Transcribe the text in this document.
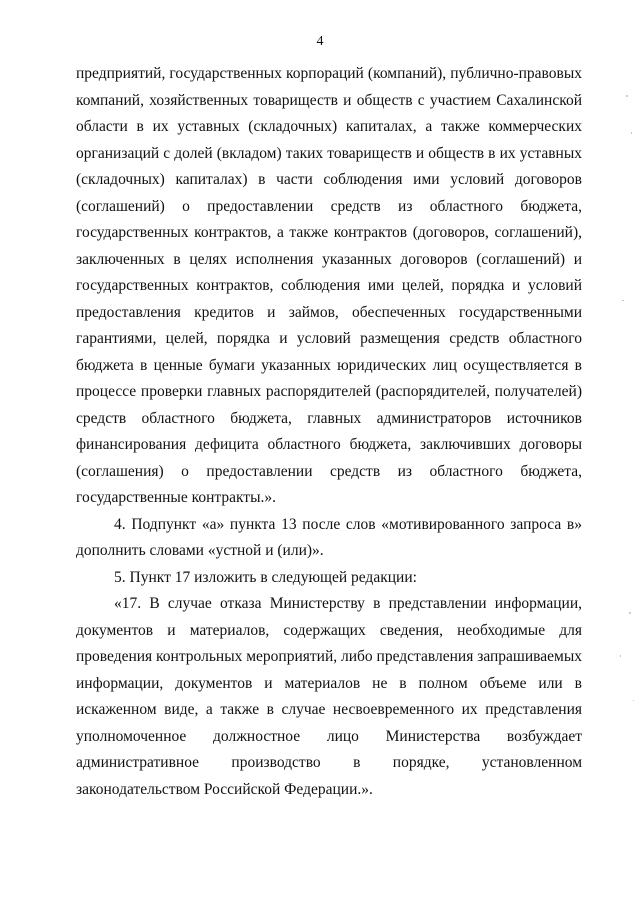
4

предприятий, государственных корпораций (компаний), публично-правовых компаний, хозяйственных товариществ и обществ с участием Сахалинской области в их уставных (складочных) капиталах, а также коммерческих организаций с долей (вкладом) таких товариществ и обществ в их уставных (складочных) капиталах) в части соблюдения ими условий договоров (соглашений) о предоставлении средств из областного бюджета, государственных контрактов, а также контрактов (договоров, соглашений), заключенных в целях исполнения указанных договоров (соглашений) и государственных контрактов, соблюдения ими целей, порядка и условий предоставления кредитов и займов, обеспеченных государственными гарантиями, целей, порядка и условий размещения средств областного бюджета в ценные бумаги указанных юридических лиц осуществляется в процессе проверки главных распорядителей (распорядителей, получателей) средств областного бюджета, главных администраторов источников финансирования дефицита областного бюджета, заключивших договоры (соглашения) о предоставлении средств из областного бюджета, государственные контракты.».

4. Подпункт «а» пункта 13 после слов «мотивированного запроса в» дополнить словами «устной и (или)».

5. Пункт 17 изложить в следующей редакции:

«17. В случае отказа Министерству в представлении информации, документов и материалов, содержащих сведения, необходимые для проведения контрольных мероприятий, либо представления запрашиваемых информации, документов и материалов не в полном объеме или в искаженном виде, а также в случае несвоевременного их представления уполномоченное должностное лицо Министерства возбуждает административное производство в порядке, установленном законодательством Российской Федерации.».
